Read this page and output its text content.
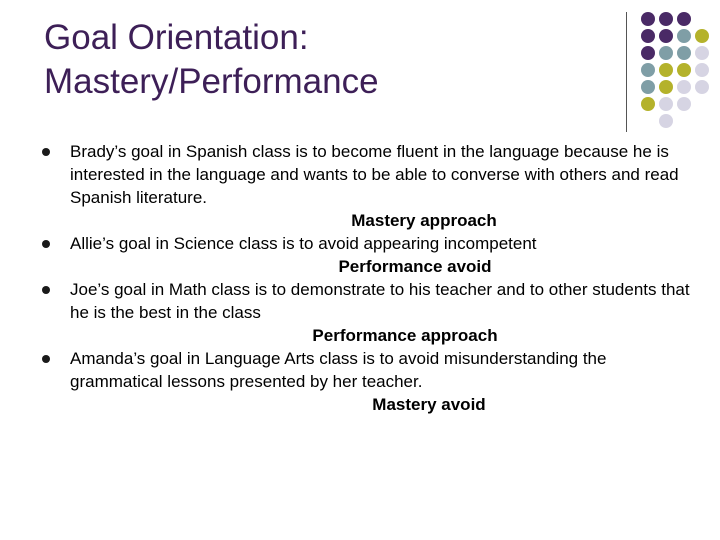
Goal Orientation:
Mastery/Performance
Brady’s goal in Spanish class is to become fluent in the language because he is interested in the language and wants to be able to converse with others and read Spanish literature.
Mastery approach
Allie’s goal in Science class is to avoid appearing incompetent
Performance avoid
Joe’s goal in Math class is to demonstrate to his teacher and to other students that he is the best in the class
Performance approach
Amanda’s goal in Language Arts class is to avoid misunderstanding the grammatical lessons presented by her teacher.
Mastery avoid
